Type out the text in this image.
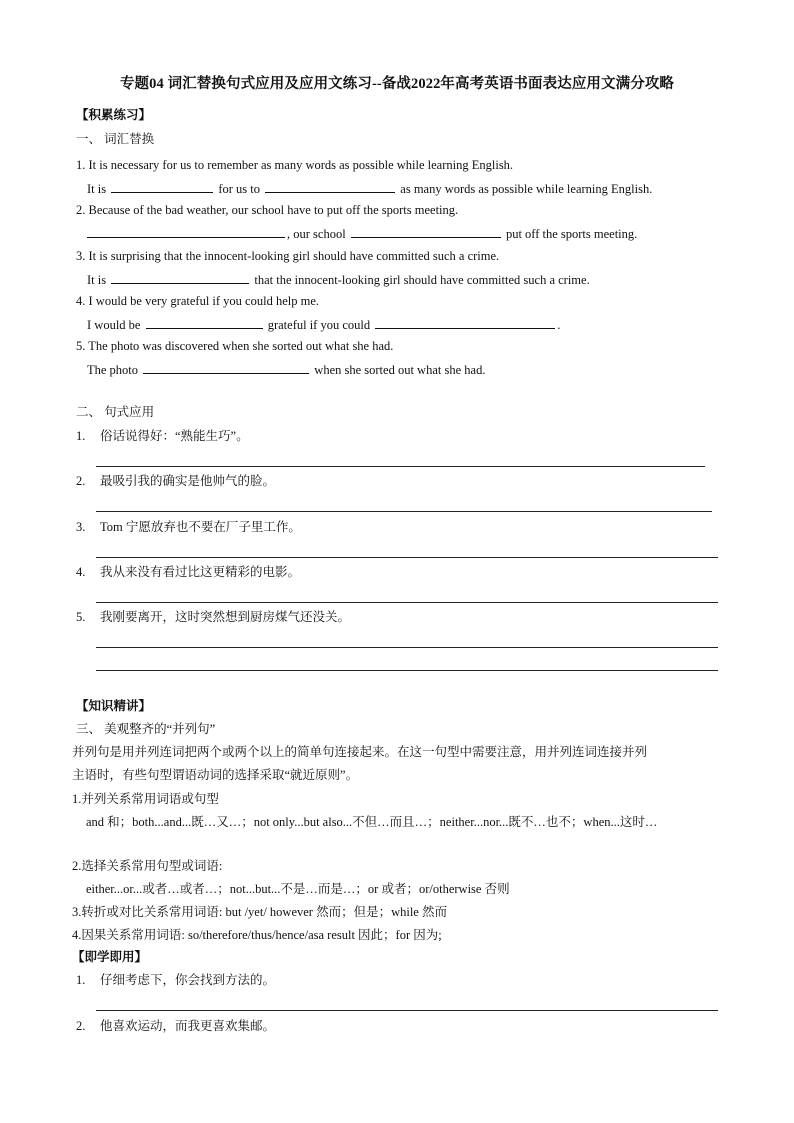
专题04 词汇替换句式应用及应用文练习--备战2022年高考英语书面表达应用文满分攻略
【积累练习】
一、 词汇替换
1. It is necessary for us to remember as many words as possible while learning English.
It is	for us to	as many words as possible while learning English.
2. Because of the bad weather, our school have to put off the sports meeting.
, our school	put off the sports meeting.
3. It is surprising that the innocent-looking girl should have committed such a crime.
It is	that the innocent-looking girl should have committed such a crime.
4. I would be very grateful if you could help me.
I would be	grateful if you could	.
5. The photo was discovered when she sorted out what she had.
The photo	when she sorted out what she had.
二、 句式应用
1. 俗话说得好：“熟能生巧”。
2. 最吸引我的确实是他帅气的脸。
3. Tom 宁愿放弃也不要在厂子里工作。
4. 我从来没有看过比这更精彩的电影。
5. 我刚要离开，这时突然想到厨房煤气还没关。
【知识精讲】
三、 美观整齐的“并列句”
并列句是用并列连词把两个或两个以上的简单句连接起来。在这一句型中需要注意，用并列连词连接并列
主语时，有些句型谓语动词的选择采取“就近原则”。
1.并列关系常用词语或句型
and 和；both...and...既…又…；not only...but also...不但…而且…；neither...nor...既不…也不；when...这时…
2.选择关系常用句型或词语:
either...or...或者…或者…；not...but...不是…而是…；or 或者；or/otherwise 否则
3.转折或对比关系常用词语: but /yet/ however 然而；但是；while 然而
4.因果关系常用词语: so/therefore/thus/hence/asa result 因此；for 因为;
【即学即用】
1. 仔细考虑下，你会找到方法的。
2. 他喜欢运动，而我更喜欢集邮。
